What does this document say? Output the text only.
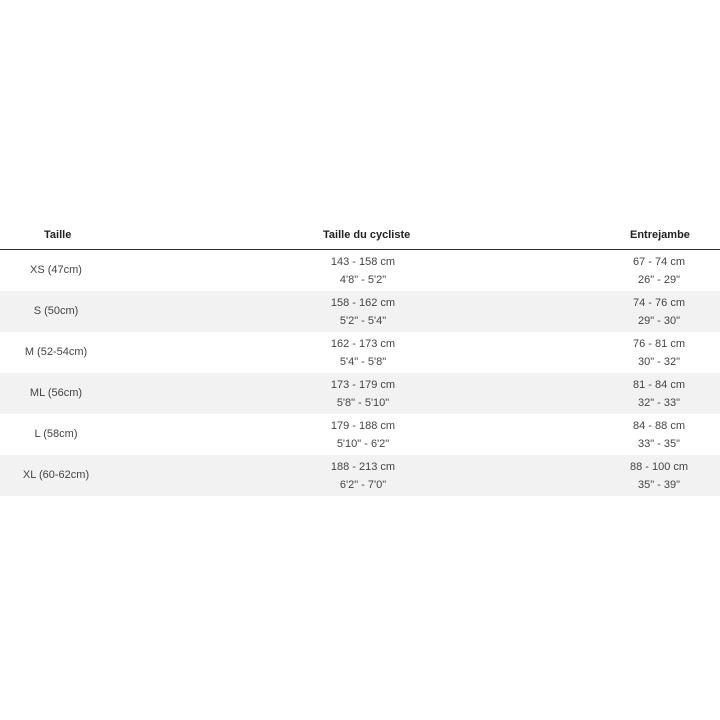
Taille	Taille du cycliste	Entrejambe
XS (47cm)
143 - 158 cm
4'8" - 5'2"
67 - 74 cm
26" - 29"
S (50cm)
158 - 162 cm
5'2" - 5'4"
74 - 76 cm
29" - 30"
M (52-54cm)
162 - 173 cm
5'4" - 5'8"
76 - 81 cm
30" - 32"
ML (56cm)
173 - 179 cm
5'8" - 5'10"
81 - 84 cm
32" - 33"
L (58cm)
179 - 188 cm
5'10" - 6'2"
84 - 88 cm
33" - 35"
XL (60-62cm)
188 - 213 cm
6'2" - 7'0"
88 - 100 cm
35" - 39"
